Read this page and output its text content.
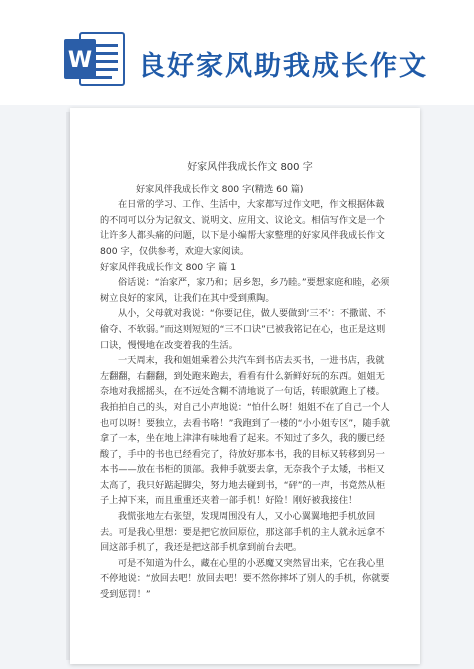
W 良好家风助我成长作文
好家风伴我成长作文 800 字
好家风伴我成长作文 800 字(精选 60 篇)

在日常的学习、工作、生活中，大家都写过作文吧，作文根据体裁的不同可以分为记叙文、说明文、应用文、议论文。相信写作文是一个让许多人都头痛的问题，以下是小编帮大家整理的好家风伴我成长作文 800 字，仅供参考，欢迎大家阅读。

好家风伴我成长作文 800 字 篇 1

俗话说：“治家严，家乃和；居乡恕，乡乃睦。”要想家庭和睦，必须树立良好的家风，让我们在其中受到熏陶。

从小，父母就对我说：“你要记住，做人要做到‘三不’：不撒谎、不偷夺、不软弱。”而这则短短的“三不口诀”已被我铭记在心，也正是这则口诀，慢慢地在改变着我的生活。

一天周末，我和姐姐乘着公共汽车到书店去买书，一进书店，我就左翻翻，右翻翻，到处跑来跑去，看看有什么新鲜好玩的东西。姐姐无奈地对我摇摇头，在不远处含糊不清地说了一句话，转眼就跑上了楼。我拍拍自己的头，对自己小声地说：“怕什么呀！姐姐不在了自己一个人也可以呀！要独立，去看书咯！”我跑到了一楼的“小小姐专区”，随手就拿了一本，坐在地上津津有味地看了起来。不知过了多久，我的腰已经酸了，手中的书也已经看完了，待放好那本书，我的目标又转移到另一本书——放在书柜的顶部。我伸手就要去拿，无奈我个子太矮，书柜又太高了，我只好踮起脚尖，努力地去碰到书，“砰”的一声，书竟然从柜子上掉下来，而且重重还夹着一部手机！好险！刚好被我接住！

我慌张地左右张望，发现周围没有人，又小心翼翼地把手机放回去。可是我心里想：要是把它放回原位，那这部手机的主人就永远拿不回这部手机了，我还是把这部手机拿到前台去吧。

可是不知道为什么，藏在心里的小恶魔又突然冒出来，它在我心里不停地说：“放回去吧！放回去吧！要不然你摔坏了别人的手机，你就要受到惩罚！”
